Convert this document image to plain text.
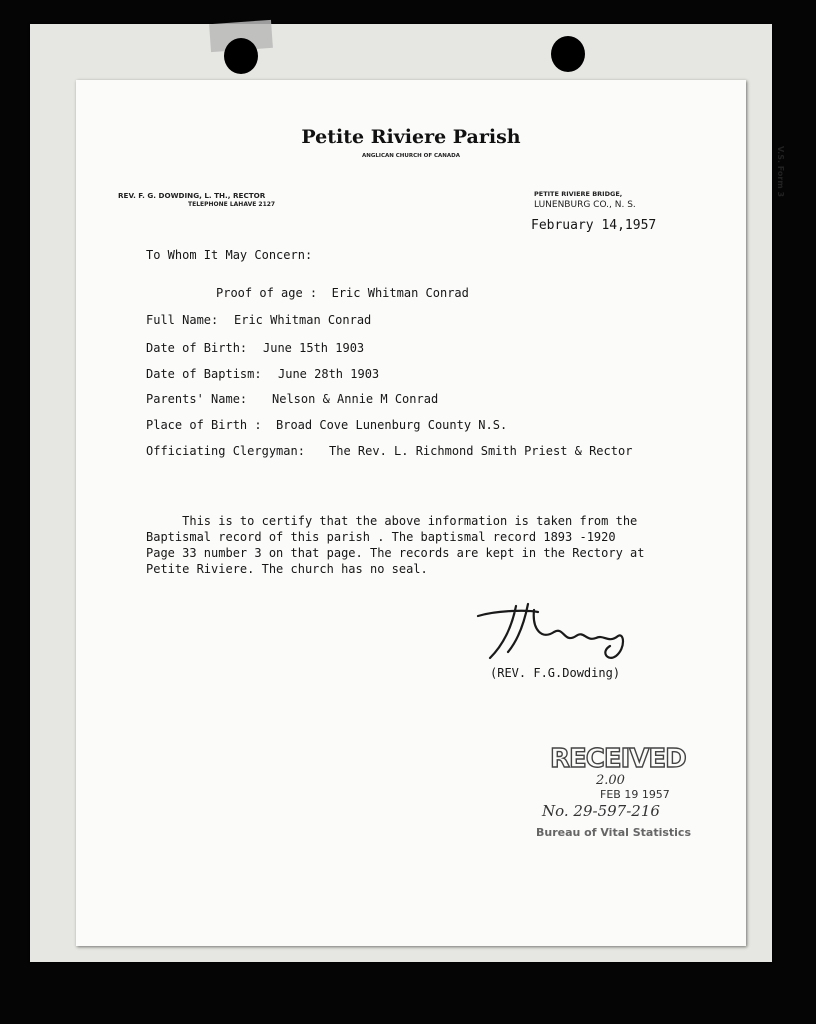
V.S. Form 3
Petite Riviere Parish
ANGLICAN CHURCH OF CANADA
REV. F. G. DOWDING, L. TH., RECTOR
TELEPHONE LAHAVE 2127
PETITE RIVIERE BRIDGE,
LUNENBURG CO., N. S.
February 14,1957
To Whom It May Concern:
Proof of age :  Eric Whitman Conrad
Full Name: Eric Whitman Conrad
Date of Birth: June 15th 1903
Date of Baptism: June 28th 1903
Parents' Name: Nelson & Annie M Conrad
Place of Birth : Broad Cove Lunenburg County N.S.
Officiating Clergyman: The Rev. L. Richmond Smith Priest & Rector
This is to certify that the above information is taken from the
Baptismal record of this parish . The baptismal record 1893 -1920
Page 33 number 3 on that page. The records are kept in the Rectory at
Petite Riviere. The church has no seal.
(REV. F.G.Dowding)
RECEIVED
2.00
FEB 19 1957
No. 29-597-216
Bureau of Vital Statistics
